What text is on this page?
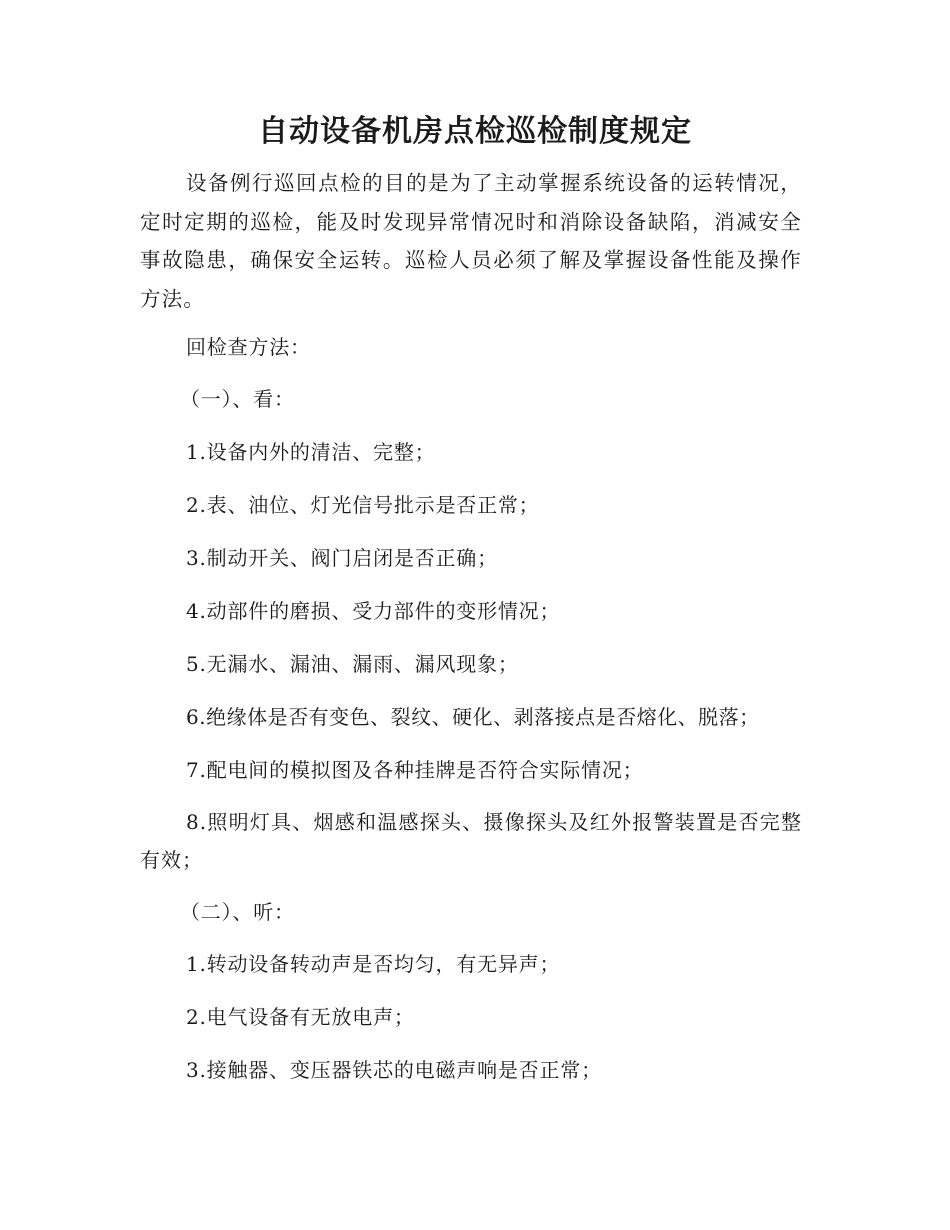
自动设备机房点检巡检制度规定

设备例行巡回点检的目的是为了主动掌握系统设备的运转情况，定时定期的巡检，能及时发现异常情况时和消除设备缺陷，消减安全事故隐患，确保安全运转。巡检人员必须了解及掌握设备性能及操作方法。

回检查方法：

（一）、看：

1.设备内外的清洁、完整；

2.表、油位、灯光信号批示是否正常；

3.制动开关、阀门启闭是否正确；

4.动部件的磨损、受力部件的变形情况；

5.无漏水、漏油、漏雨、漏风现象；

6.绝缘体是否有变色、裂纹、硬化、剥落接点是否熔化、脱落；

7.配电间的模拟图及各种挂牌是否符合实际情况；

8.照明灯具、烟感和温感探头、摄像探头及红外报警装置是否完整有效；

（二）、听：

1.转动设备转动声是否均匀，有无异声；

2.电气设备有无放电声；

3.接触器、变压器铁芯的电磁声响是否正常；
